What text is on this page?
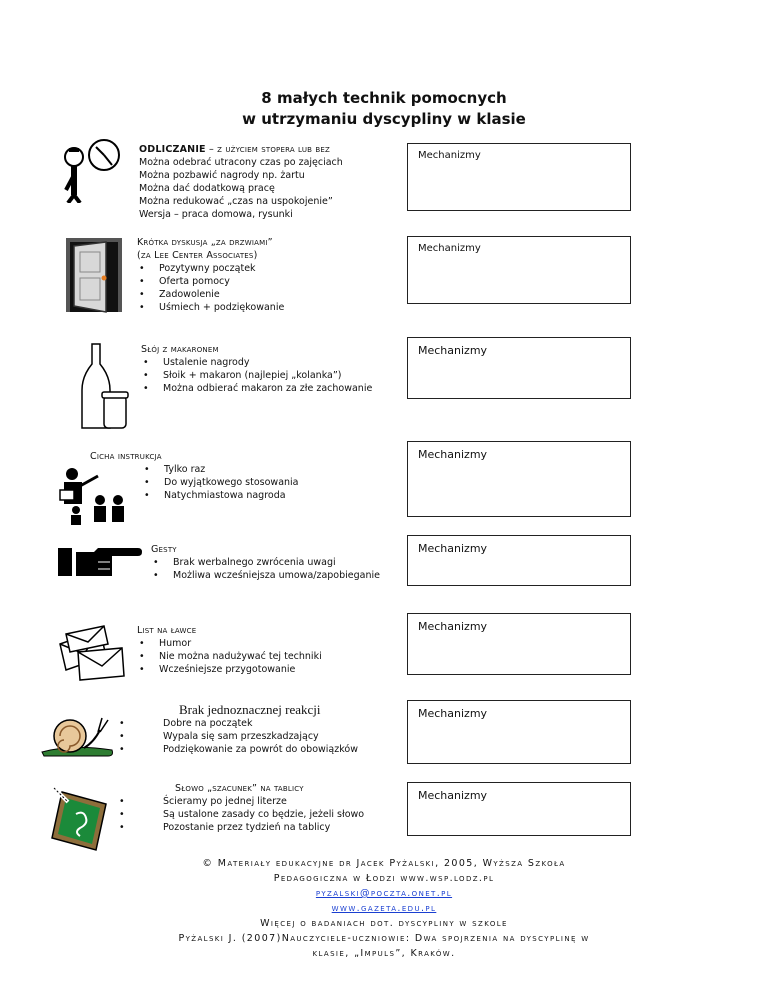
8 małych technik pomocnych
w utrzymaniu dyscypliny w klasie
ODLICZANIE – z użyciem stopera lub bez
Można odebrać utracony czas po zajęciach
Można pozbawić nagrody np. żartu
Można dać dodatkową pracę
Można redukować „czas na uspokojenie”
Wersja – praca domowa, rysunki
Mechanizmy
Krótka dyskusja „za drzwiami”
(za Lee Center Associates)
• Pozytywny początek
• Oferta pomocy
• Zadowolenie
• Uśmiech + podziękowanie
Mechanizmy
Słój z makaronem
• Ustalenie nagrody
• Słoik + makaron (najlepiej „kolanka”)
• Można odbierać makaron za złe zachowanie
Mechanizmy
Cicha instrukcja
• Tylko raz
• Do wyjątkowego stosowania
• Natychmiastowa nagroda
Mechanizmy
Gesty
• Brak werbalnego zwrócenia uwagi
• Możliwa wcześniejsza umowa/zapobieganie
Mechanizmy
List na ławce
• Humor
• Nie można nadużywać tej techniki
• Wcześniejsze przygotowanie
Mechanizmy
Brak jednoznacznej reakcji
• Dobre na początek
• Wypala się sam przeszkadzający
• Podziękowanie za powrót do obowiązków
Mechanizmy
Słowo „szacunek” na tablicy
• Ścieramy po jednej literze
• Są ustalone zasady co będzie, jeżeli słowo
• Pozostanie przez tydzień na tablicy
Mechanizmy
© Materiały edukacyjne dr Jacek Pyżalski, 2005, Wyższa Szkoła
Pedagogiczna w Łodzi www.wsp.lodz.pl
pyzalski@poczta.onet.pl
www.gazeta.edu.pl
Więcej o badaniach dot. dyscypliny w szkole
Pyżalski J. (2007)Nauczyciele-uczniowie: Dwa spojrzenia na dyscyplinę w
klasie, „Impuls”, Kraków.
